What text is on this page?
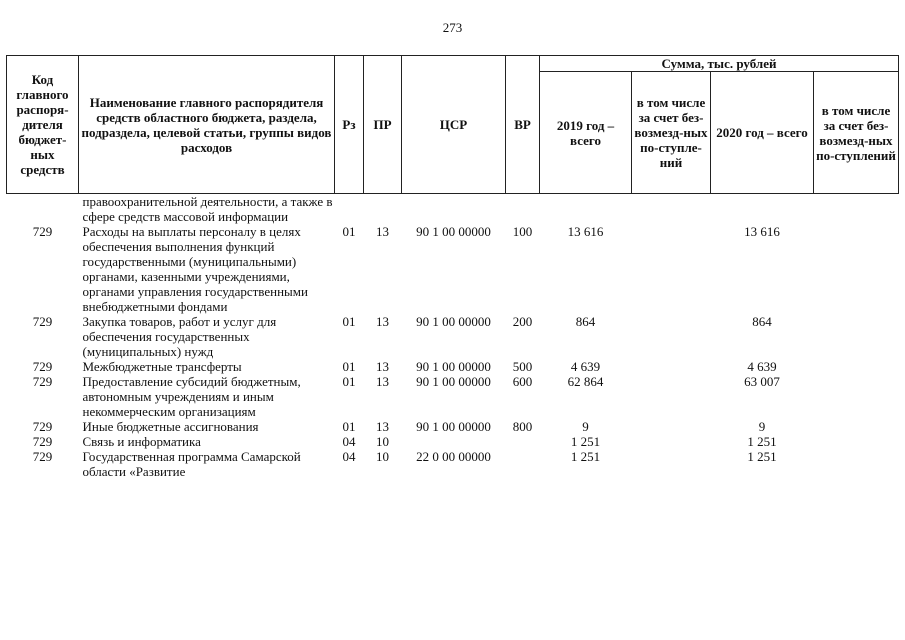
273
Код главного распоря-дителя бюджет-ных средств	Наименование главного распорядителя средств областного бюджета, раздела, подраздела, целевой статьи, группы видов расходов	Рз	ПР	ЦСР	ВР	Сумма, тыс. рублей			
						2019 год – всего	в том числе за счет без-возмезд-ных по-ступле-ний	2020 год – всего	в том числе за счет без-возмезд-ных по-ступлений
	правоохранительной деятельности, а также в сфере средств массовой информации								
729	Расходы на выплаты персоналу в целях обеспечения выполнения функций государственными (муниципальными) органами, казенными учреждениями, органами управления государственными внебюджетными фондами	01	13	90 1 00 00000	100	13 616		13 616	
729	Закупка товаров, работ и услуг для обеспечения государственных (муниципальных) нужд	01	13	90 1 00 00000	200	864		864	
729	Межбюджетные трансферты	01	13	90 1 00 00000	500	4 639		4 639	
729	Предоставление субсидий бюджетным, автономным учреждениям и иным некоммерческим организациям	01	13	90 1 00 00000	600	62 864		63 007	
729	Иные бюджетные ассигнования	01	13	90 1 00 00000	800	9		9	
729	Связь и информатика	04	10			1 251		1 251	
729	Государственная программа Самарской области «Развитие	04	10	22 0 00 00000		1 251		1 251	
